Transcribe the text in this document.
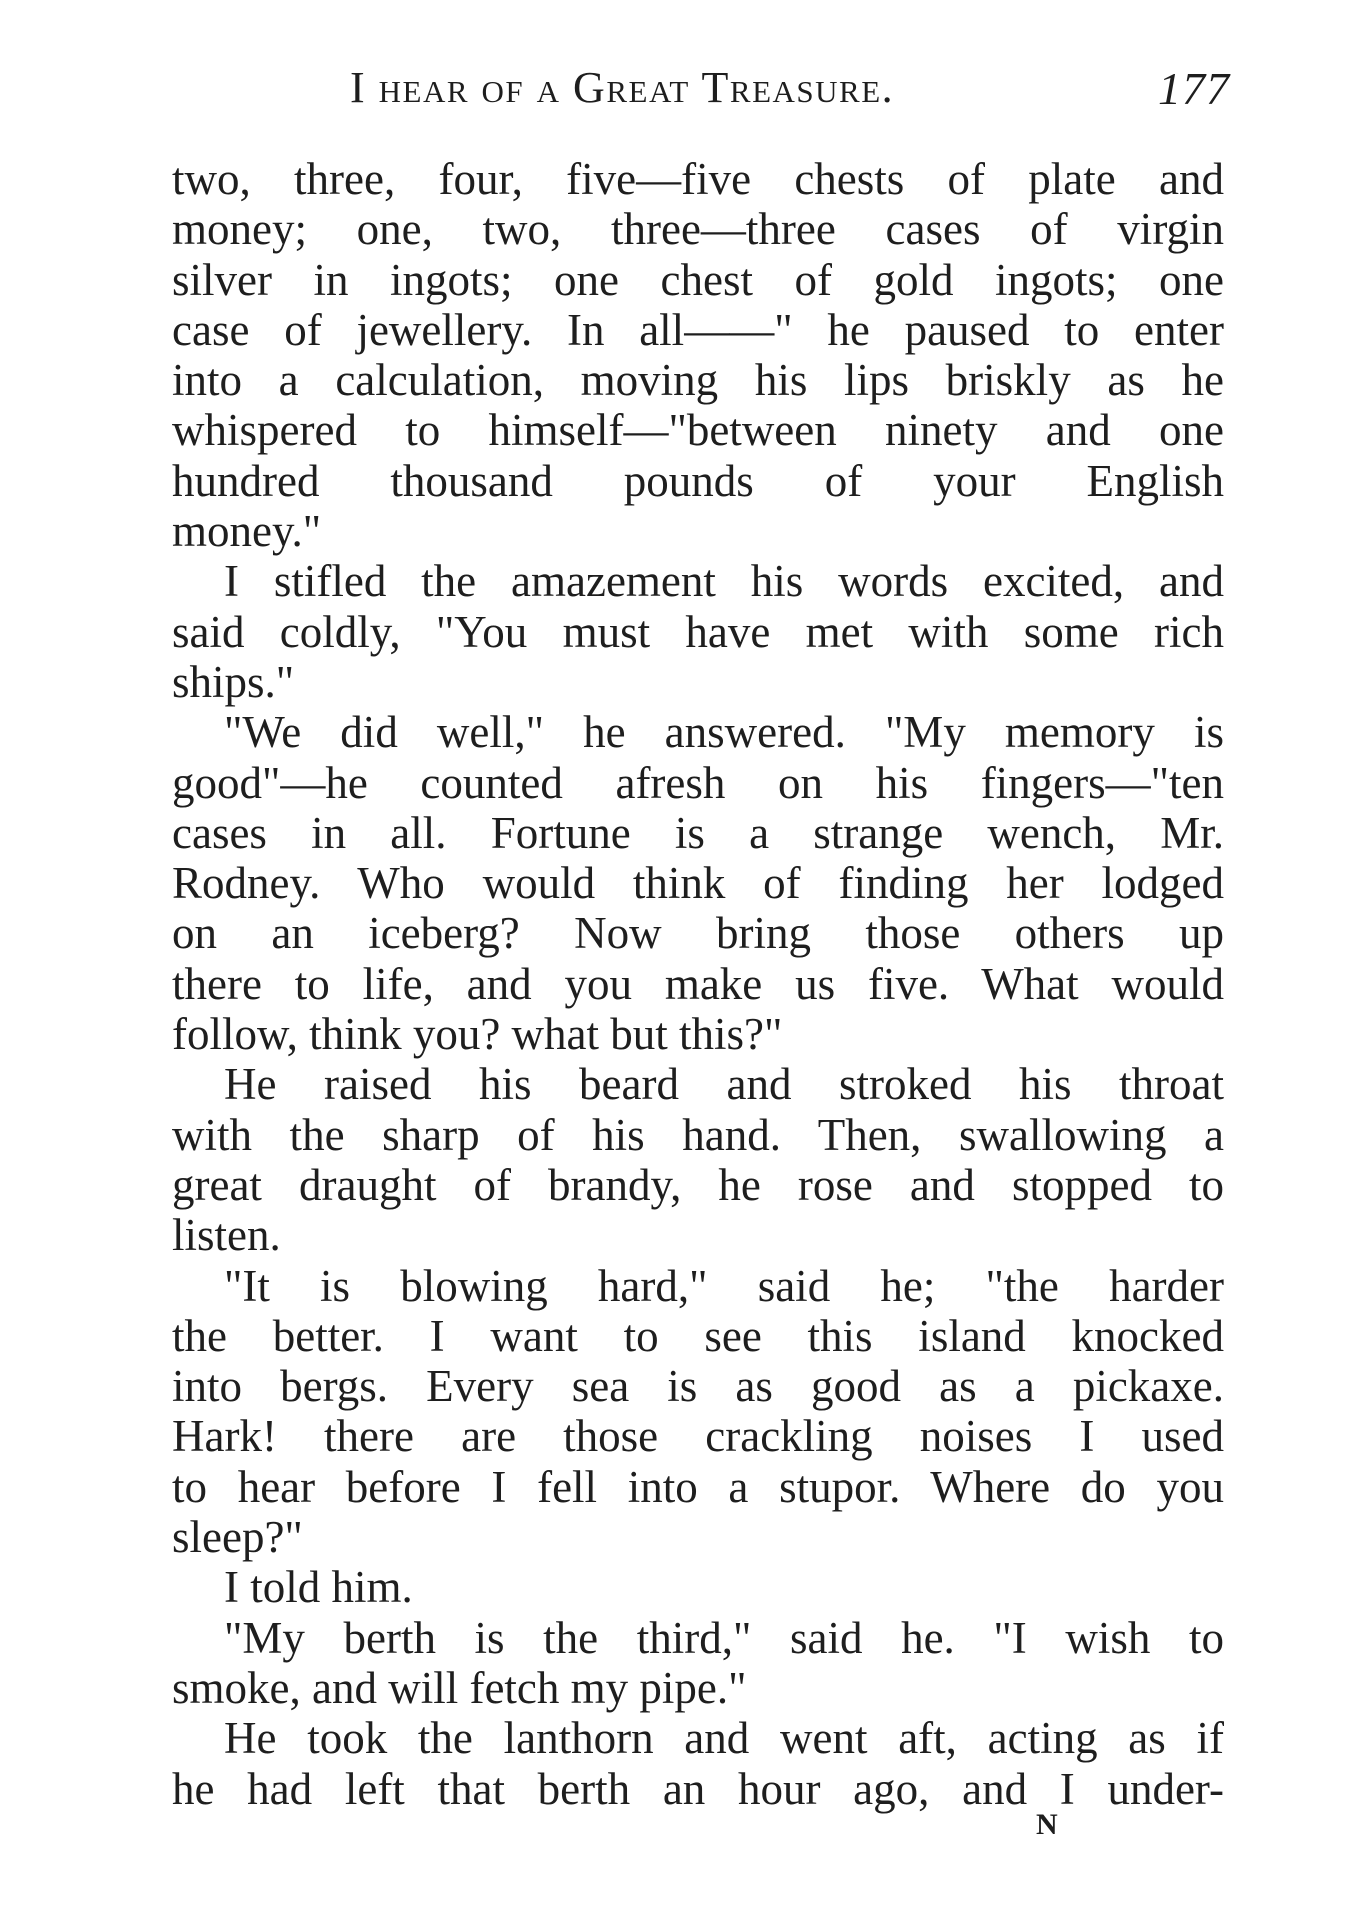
I hear of a Great Treasure.	177
two, three, four, five—five chests of plate and
money; one, two, three—three cases of virgin
silver in ingots; one chest of gold ingots; one
case of jewellery. In all——" he paused to enter
into a calculation, moving his lips briskly as he
whispered to himself—"between ninety and one
hundred thousand pounds of your English
money."
I stifled the amazement his words excited, and
said coldly, "You must have met with some rich
ships."
"We did well," he answered. "My memory is
good"—he counted afresh on his fingers—"ten
cases in all. Fortune is a strange wench, Mr.
Rodney. Who would think of finding her lodged
on an iceberg? Now bring those others up
there to life, and you make us five. What would
follow, think you? what but this?"
He raised his beard and stroked his throat
with the sharp of his hand. Then, swallowing a
great draught of brandy, he rose and stopped to
listen.
"It is blowing hard," said he; "the harder
the better. I want to see this island knocked
into bergs. Every sea is as good as a pickaxe.
Hark! there are those crackling noises I used
to hear before I fell into a stupor. Where do you
sleep?"
I told him.
"My berth is the third," said he. "I wish to
smoke, and will fetch my pipe."
He took the lanthorn and went aft, acting as if
he had left that berth an hour ago, and I under-
N
